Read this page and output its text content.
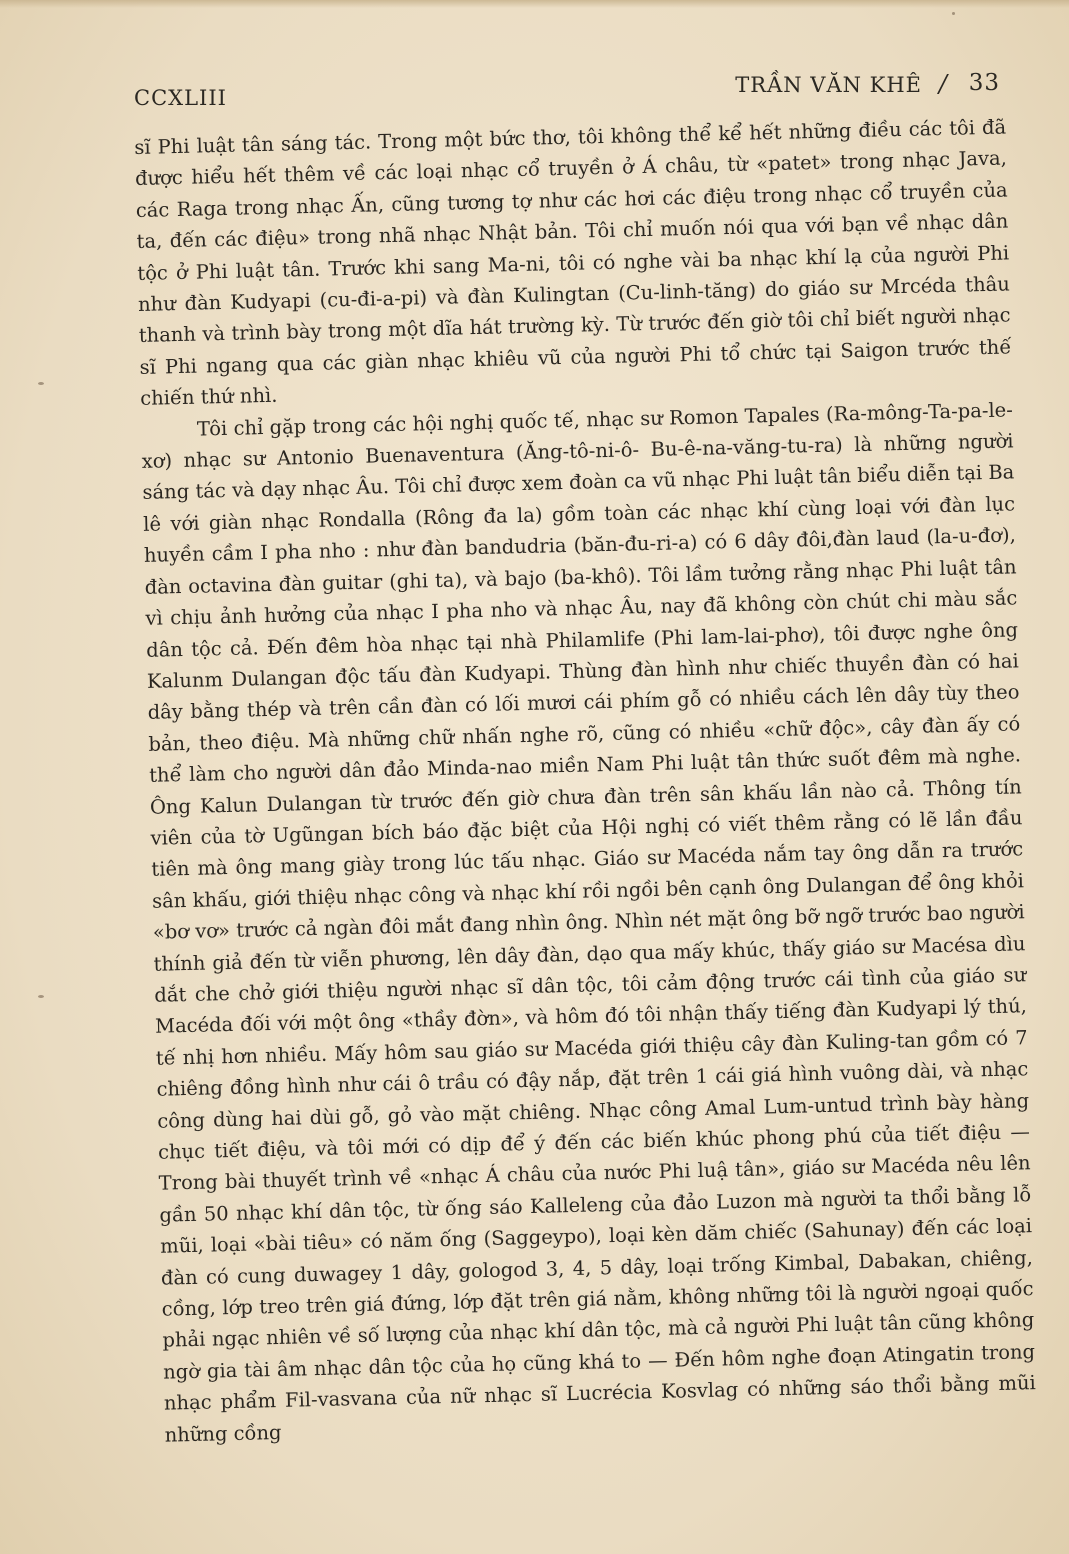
CCXLIII
TRẦN VĂN KHÊ / 33

sĩ Phi luật tân sáng tác. Trong một bức thơ, tôi không thể kể hết những điều các tôi đã được hiểu hết thêm về các loại nhạc cổ truyền ở Á châu, từ «patet» trong nhạc Java, các Raga trong nhạc Ấn, cũng tương tợ như các hơi các điệu trong nhạc cổ truyền của ta, đến các điệu» trong nhã nhạc Nhật bản. Tôi chỉ muốn nói qua với bạn về nhạc dân tộc ở Phi luật tân. Trước khi sang Ma-ni, tôi có nghe vài ba nhạc khí lạ của người Phi như đàn Kudyapi (cu-đi-a-pi) và đàn Kulingtan (Cu-linh-tăng) do giáo sư Mrcéda thâu thanh và trình bày trong một dĩa hát trường kỳ. Từ trước đến giờ tôi chỉ biết người nhạc sĩ Phi ngang qua các giàn nhạc khiêu vũ của người Phi tổ chức tại Saigon trước thế chiến thứ nhì.

Tôi chỉ gặp trong các hội nghị quốc tế, nhạc sư Romon Tapales (Ra-mông-Ta-pa-le-xơ) nhạc sư Antonio Buenaventura (Ăng-tô-ni-ô- Bu-ê-na-văng-tu-ra) là những người sáng tác và dạy nhạc Âu. Tôi chỉ được xem đoàn ca vũ nhạc Phi luật tân biểu diễn tại Ba lê với giàn nhạc Rondalla (Rông đa la) gồm toàn các nhạc khí cùng loại với đàn lục huyền cầm I pha nho : như đàn bandudria (băn-đu-ri-a) có 6 dây đôi,đàn laud (la-u-đơ), đàn octavina đàn guitar (ghi ta), và bajo (ba-khô). Tôi lầm tưởng rằng nhạc Phi luật tân vì chịu ảnh hưởng của nhạc I pha nho và nhạc Âu, nay đã không còn chút chi màu sắc dân tộc cả. Đến đêm hòa nhạc tại nhà Philamlife (Phi lam-lai-phơ), tôi được nghe ông Kalunm Dulangan độc tấu đàn Kudyapi. Thùng đàn hình như chiếc thuyền đàn có hai dây bằng thép và trên cần đàn có lối mươi cái phím gỗ có nhiều cách lên dây tùy theo bản, theo điệu. Mà những chữ nhấn nghe rõ, cũng có nhiều «chữ độc», cây đàn ấy có thể làm cho người dân đảo Minda-nao miền Nam Phi luật tân thức suốt đêm mà nghe. Ông Kalun Dulangan từ trước đến giờ chưa đàn trên sân khấu lần nào cả. Thông tín viên của tờ Ugũngan bích báo đặc biệt của Hội nghị có viết thêm rằng có lẽ lần đầu tiên mà ông mang giày trong lúc tấu nhạc. Giáo sư Macéda nắm tay ông dẫn ra trước sân khấu, giới thiệu nhạc công và nhạc khí rồi ngồi bên cạnh ông Dulangan để ông khỏi «bơ vơ» trước cả ngàn đôi mắt đang nhìn ông. Nhìn nét mặt ông bỡ ngỡ trước bao người thính giả đến từ viễn phương, lên dây đàn, dạo qua mấy khúc, thấy giáo sư Macésa dìu dắt che chở giới thiệu người nhạc sĩ dân tộc, tôi cảm động trước cái tình của giáo sư Macéda đối với một ông «thầy đờn», và hôm đó tôi nhận thấy tiếng đàn Kudyapi lý thú, tế nhị hơn nhiều. Mấy hôm sau giáo sư Macéda giới thiệu cây đàn Kuling-tan gồm có 7 chiêng đồng hình như cái ô trầu có đậy nắp, đặt trên 1 cái giá hình vuông dài, và nhạc công dùng hai dùi gỗ, gỏ vào mặt chiêng. Nhạc công Amal Lum-untud trình bày hàng chục tiết điệu, và tôi mới có dịp để ý đến các biến khúc phong phú của tiết điệu — Trong bài thuyết trình về «nhạc Á châu của nước Phi luậ tân», giáo sư Macéda nêu lên gần 50 nhạc khí dân tộc, từ ống sáo Kalleleng của đảo Luzon mà người ta thổi bằng lỗ mũi, loại «bài tiêu» có năm ống (Saggeypo), loại kèn dăm chiếc (Sahunay) đến các loại đàn có cung duwagey 1 dây, gologod 3, 4, 5 dây, loại trống Kimbal, Dabakan, chiêng, cồng, lớp treo trên giá đứng, lớp đặt trên giá nằm, không những tôi là người ngoại quốc phải ngạc nhiên về số lượng của nhạc khí dân tộc, mà cả người Phi luật tân cũng không ngờ gia tài âm nhạc dân tộc của họ cũng khá to — Đến hôm nghe đoạn Atingatin trong nhạc phẩm Fil-vasvana của nữ nhạc sĩ Lucrécia Kosvlag có những sáo thổi bằng mũi những cồng
